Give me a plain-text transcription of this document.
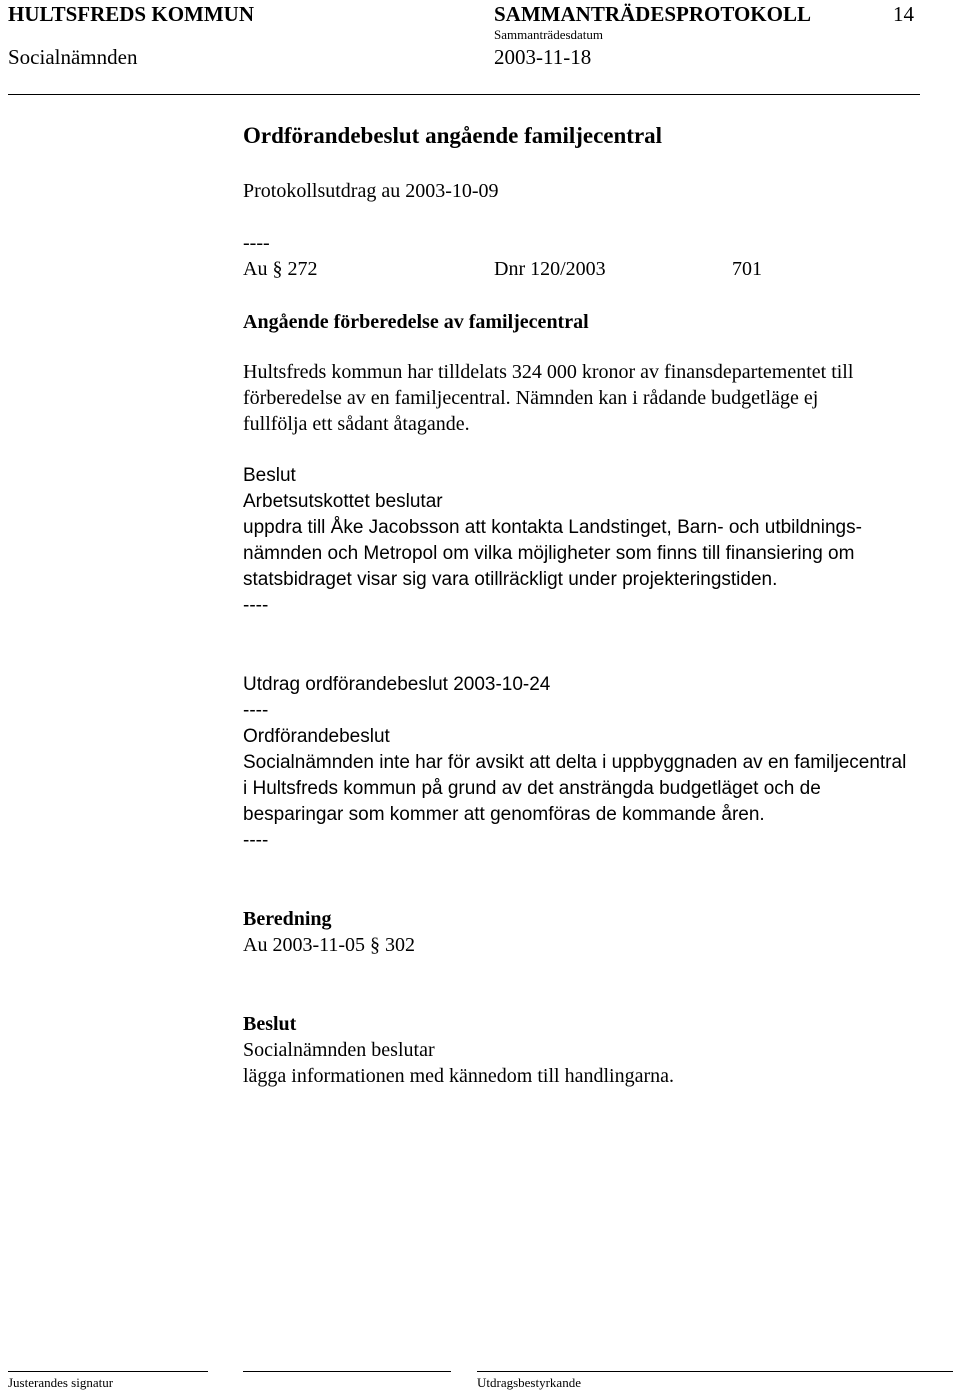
HULTSFREDS KOMMUN	SAMMANTRÄDESPROTOKOLL	14
Sammanträdesdatum
Socialnämnden	2003-11-18
Ordförandebeslut angående familjecentral
Protokollsutdrag au 2003-10-09
----
Au § 272	Dnr 120/2003	701
Angående förberedelse av familjecentral
Hultsfreds kommun har tilldelats 324 000 kronor av finansdepartementet till
förberedelse av en familjecentral. Nämnden kan i rådande budgetläge ej
fullfölja ett sådant åtagande.
Beslut
Arbetsutskottet beslutar
uppdra till Åke Jacobsson att kontakta Landstinget, Barn- och utbildnings-
nämnden och Metropol om vilka möjligheter som finns till finansiering om
statsbidraget visar sig vara otillräckligt under projekteringstiden.
----
Utdrag ordförandebeslut 2003-10-24
----
Ordförandebeslut
Socialnämnden inte har för avsikt att delta i uppbyggnaden av en familjecentral
i Hultsfreds kommun på grund av det ansträngda budgetläget och de
besparingar som kommer att genomföras de kommande åren.
----
Beredning
Au 2003-11-05 § 302
Beslut
Socialnämnden beslutar
lägga informationen med kännedom till handlingarna.
Justerandes signatur	Utdragsbestyrkande
